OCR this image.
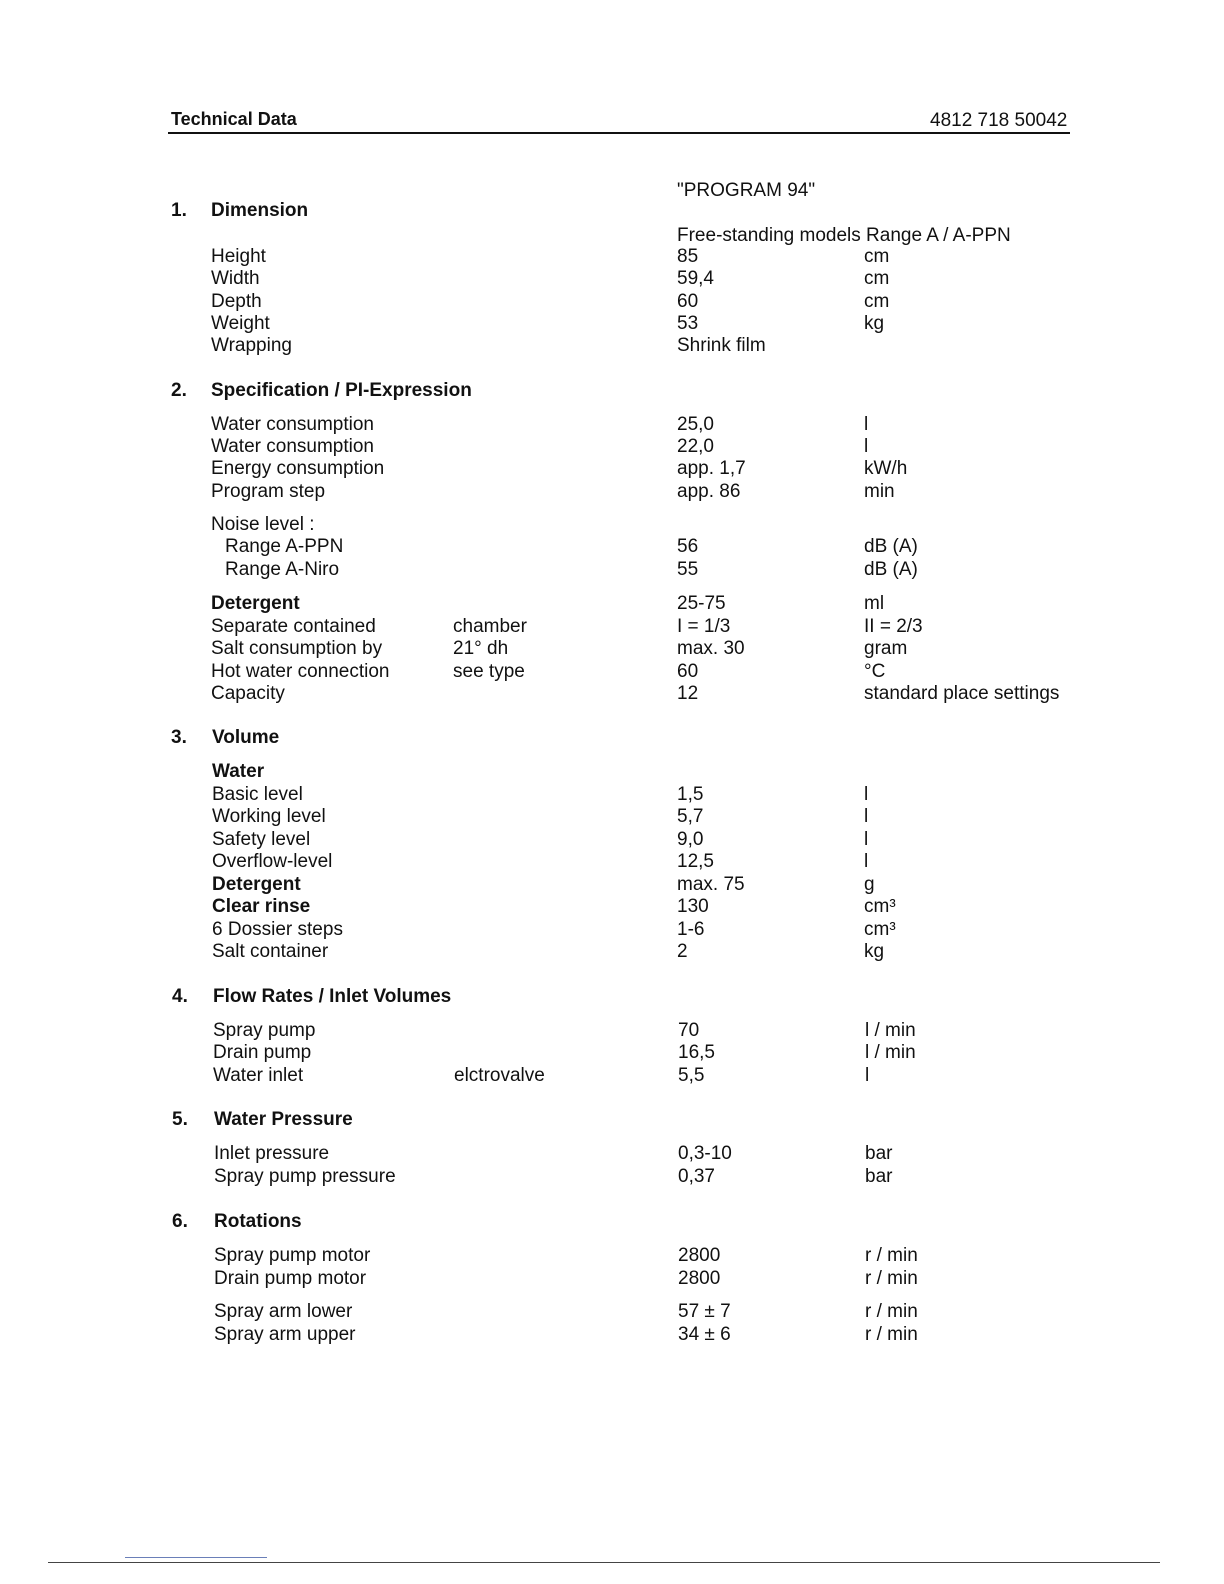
Technical Data	4812 718 50042
"PROGRAM 94"
Free-standing models Range A / A-PPN
1. Dimension
Height	85	cm
Width	59,4	cm
Depth	60	cm
Weight	53	kg
Wrapping	Shrink film
2. Specification / PI-Expression
Water consumption	25,0	l
Water consumption	22,0	l
Energy consumption	app. 1,7	kW/h
Program step	app. 86	min
Noise level :
Range A-PPN	56	dB (A)
Range A-Niro	55	dB (A)
Detergent	25-75	ml
Separate contained	chamber	I = 1/3	II = 2/3
Salt consumption by	21° dh	max. 30	gram
Hot water connection	see type	60	°C
Capacity	12	standard place settings
3. Volume
Water
Basic level	1,5	l
Working level	5,7	l
Safety level	9,0	l
Overflow-level	12,5	l
Detergent	max. 75	g
Clear rinse	130	cm³
6 Dossier steps	1-6	cm³
Salt container	2	kg
4. Flow Rates / Inlet Volumes
Spray pump	70	l / min
Drain pump	16,5	l / min
Water inlet	elctrovalve	5,5	l
5. Water Pressure
Inlet pressure	0,3-10	bar
Spray pump pressure	0,37	bar
6. Rotations
Spray pump motor	2800	r / min
Drain pump motor	2800	r / min
Spray arm lower	57 ± 7	r / min
Spray arm upper	34 ± 6	r / min
